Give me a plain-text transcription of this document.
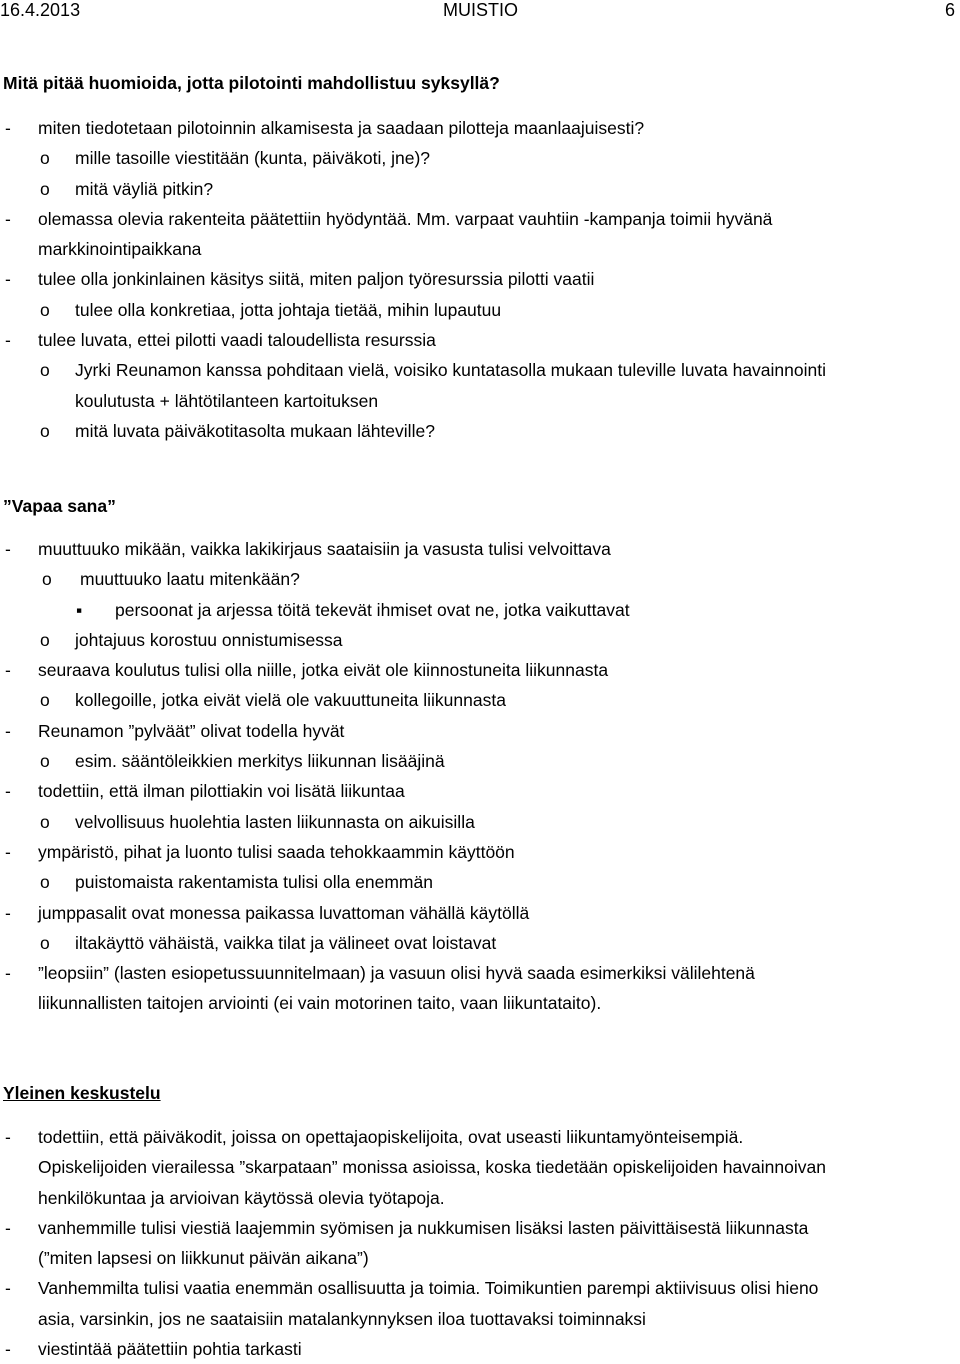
16.4.2013	MUISTIO	6
Mitä pitää huomioida, jotta pilotointi mahdollistuu syksyllä?
- miten tiedotetaan pilotoinnin alkamisesta ja saadaan pilotteja maanlaajuisesti?
o mille tasoille viestitään (kunta, päiväkoti, jne)?
o mitä väyliä pitkin?
- olemassa olevia rakenteita päätettiin hyödyntää. Mm. varpaat vauhtiin -kampanja toimii hyvänä
markkinointipaikkana
- tulee olla jonkinlainen käsitys siitä, miten paljon työresurssia pilotti vaatii
o tulee olla konkretiaa, jotta johtaja tietää, mihin lupautuu
- tulee luvata, ettei pilotti vaadi taloudellista resurssia
o Jyrki Reunamon kanssa pohditaan vielä, voisiko kuntatasolla mukaan tuleville luvata havainnointi
koulutusta + lähtötilanteen kartoituksen
o mitä luvata päiväkotitasolta mukaan lähteville?
”Vapaa sana”
- muuttuuko mikään, vaikka lakikirjaus saataisiin ja vasusta tulisi velvoittava
o muuttuuko laatu mitenkään?
▪ persoonat ja arjessa töitä tekevät ihmiset ovat ne, jotka vaikuttavat
o johtajuus korostuu onnistumisessa
- seuraava koulutus tulisi olla niille, jotka eivät ole kiinnostuneita liikunnasta
o kollegoille, jotka eivät vielä ole vakuuttuneita liikunnasta
- Reunamon ”pylväät” olivat todella hyvät
o esim. sääntöleikkien merkitys liikunnan lisääjinä
- todettiin, että ilman pilottiakin voi lisätä liikuntaa
o velvollisuus huolehtia lasten liikunnasta on aikuisilla
- ympäristö, pihat ja luonto tulisi saada tehokkaammin käyttöön
o puistomaista rakentamista tulisi olla enemmän
- jumppasalit ovat monessa paikassa luvattoman vähällä käytöllä
o iltakäyttö vähäistä, vaikka tilat ja välineet ovat loistavat
- ”leopsiin” (lasten esiopetussuunnitelmaan) ja vasuun olisi hyvä saada esimerkiksi välilehtenä
liikunnallisten taitojen arviointi (ei vain motorinen taito, vaan liikuntataito).
Yleinen keskustelu
- todettiin, että päiväkodit, joissa on opettajaopiskelijoita, ovat useasti liikuntamyönteisempiä.
Opiskelijoiden vierailessa ”skarpataan” monissa asioissa, koska tiedetään opiskelijoiden havainnoivan
henkilökuntaa ja arvioivan käytössä olevia työtapoja.
- vanhemmille tulisi viestiä laajemmin syömisen ja nukkumisen lisäksi lasten päivittäisestä liikunnasta
(”miten lapsesi on liikkunut päivän aikana”)
- Vanhemmilta tulisi vaatia enemmän osallisuutta ja toimia. Toimikuntien parempi aktiivisuus olisi hieno
asia, varsinkin, jos ne saataisiin matalankynnyksen iloa tuottavaksi toiminnaksi
- viestintää päätettiin pohtia tarkasti
